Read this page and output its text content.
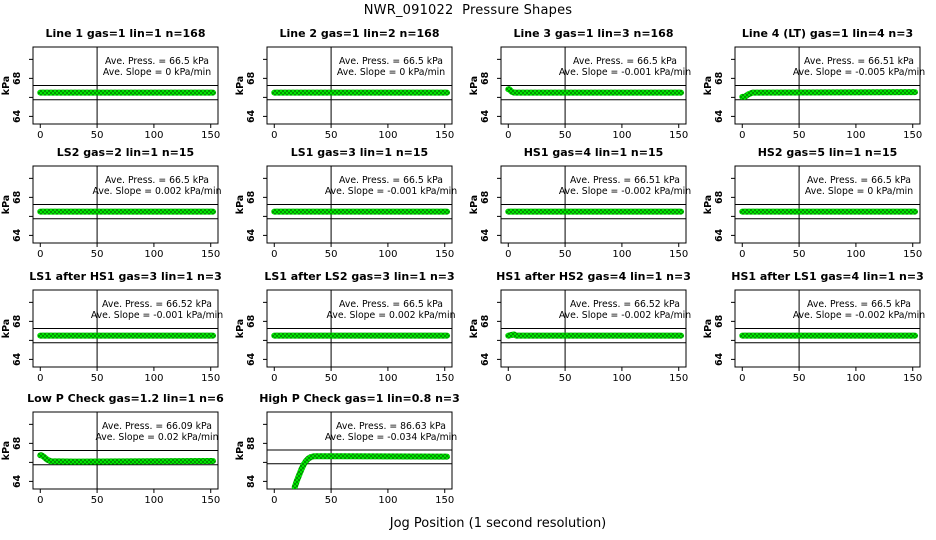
NWR_091022  Pressure Shapes
Line 1 gas=1 lin=1 n=168
64
68
kPa
0	50	100	150
Ave. Press. = 66.5 kPa
Ave. Slope = 0 kPa/min
Line 2 gas=1 lin=2 n=168
64
68
kPa
0	50	100	150
Ave. Press. = 66.5 kPa
Ave. Slope = 0 kPa/min
Line 3 gas=1 lin=3 n=168
64
68
kPa
0	50	100	150
Ave. Press. = 66.5 kPa
Ave. Slope = -0.001 kPa/min
Line 4 (LT) gas=1 lin=4 n=3
64
68
kPa
0	50	100	150
Ave. Press. = 66.51 kPa
Ave. Slope = -0.005 kPa/min
LS2 gas=2 lin=1 n=15
64
68
kPa
0	50	100	150
Ave. Press. = 66.5 kPa
Ave. Slope = 0.002 kPa/min
LS1 gas=3 lin=1 n=15
64
68
kPa
0	50	100	150
Ave. Press. = 66.5 kPa
Ave. Slope = -0.001 kPa/min
HS1 gas=4 lin=1 n=15
64
68
kPa
0	50	100	150
Ave. Press. = 66.51 kPa
Ave. Slope = -0.002 kPa/min
HS2 gas=5 lin=1 n=15
64
68
kPa
0	50	100	150
Ave. Press. = 66.5 kPa
Ave. Slope = 0 kPa/min
LS1 after HS1 gas=3 lin=1 n=3
64
68
kPa
0	50	100	150
Ave. Press. = 66.52 kPa
Ave. Slope = -0.001 kPa/min
LS1 after LS2 gas=3 lin=1 n=3
64
68
kPa
0	50	100	150
Ave. Press. = 66.5 kPa
Ave. Slope = 0.002 kPa/min
HS1 after HS2 gas=4 lin=1 n=3
64
68
kPa
0	50	100	150
Ave. Press. = 66.52 kPa
Ave. Slope = -0.002 kPa/min
HS1 after LS1 gas=4 lin=1 n=3
64
68
kPa
0	50	100	150
Ave. Press. = 66.5 kPa
Ave. Slope = -0.002 kPa/min
Low P Check gas=1.2 lin=1 n=6
64
68
kPa
0	50	100	150
Ave. Press. = 66.09 kPa
Ave. Slope = 0.02 kPa/min
High P Check gas=1 lin=0.8 n=3
84
88
kPa
0	50	100	150
Ave. Press. = 86.63 kPa
Ave. Slope = -0.034 kPa/min
Jog Position (1 second resolution)
